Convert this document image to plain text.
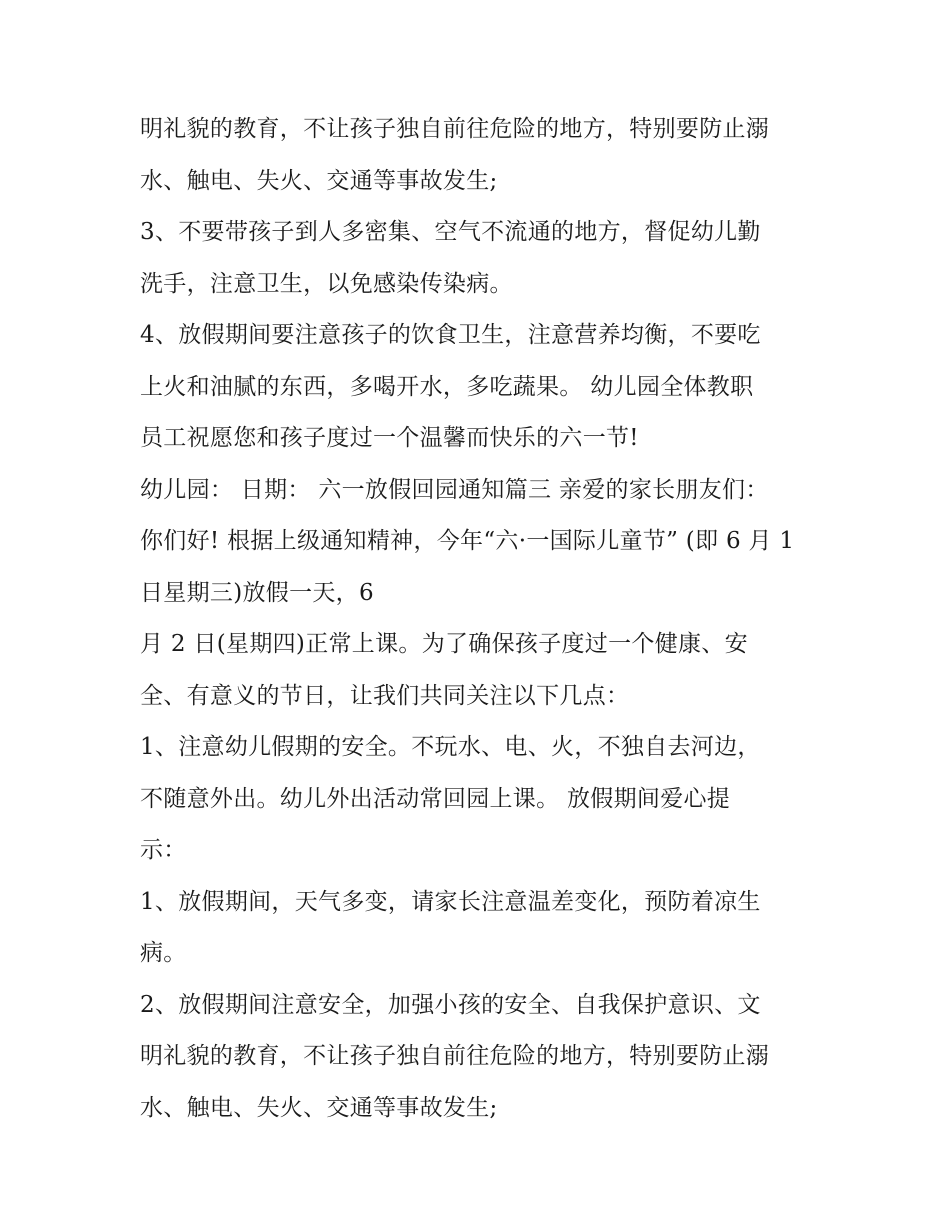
明礼貌的教育，不让孩子独自前往危险的地方，特别要防止溺
水、触电、失火、交通等事故发生;
3、不要带孩子到人多密集、空气不流通的地方，督促幼儿勤
洗手，注意卫生，以免感染传染病。
4、放假期间要注意孩子的饮食卫生，注意营养均衡，不要吃
上火和油腻的东西，多喝开水，多吃蔬果。 幼儿园全体教职
员工祝愿您和孩子度过一个温馨而快乐的六一节!
幼儿园： 日期： 六一放假回园通知篇三 亲爱的家长朋友们：
你们好! 根据上级通知精神，今年“六·一国际儿童节” (即 6 月 1
日星期三)放假一天，6
月 2 日(星期四)正常上课。为了确保孩子度过一个健康、安
全、有意义的节日，让我们共同关注以下几点：
1、注意幼儿假期的安全。不玩水、电、火，不独自去河边，
不随意外出。幼儿外出活动常回园上课。 放假期间爱心提
示：
1、放假期间，天气多变，请家长注意温差变化，预防着凉生
病。
2、放假期间注意安全，加强小孩的安全、自我保护意识、文
明礼貌的教育，不让孩子独自前往危险的地方，特别要防止溺
水、触电、失火、交通等事故发生;
